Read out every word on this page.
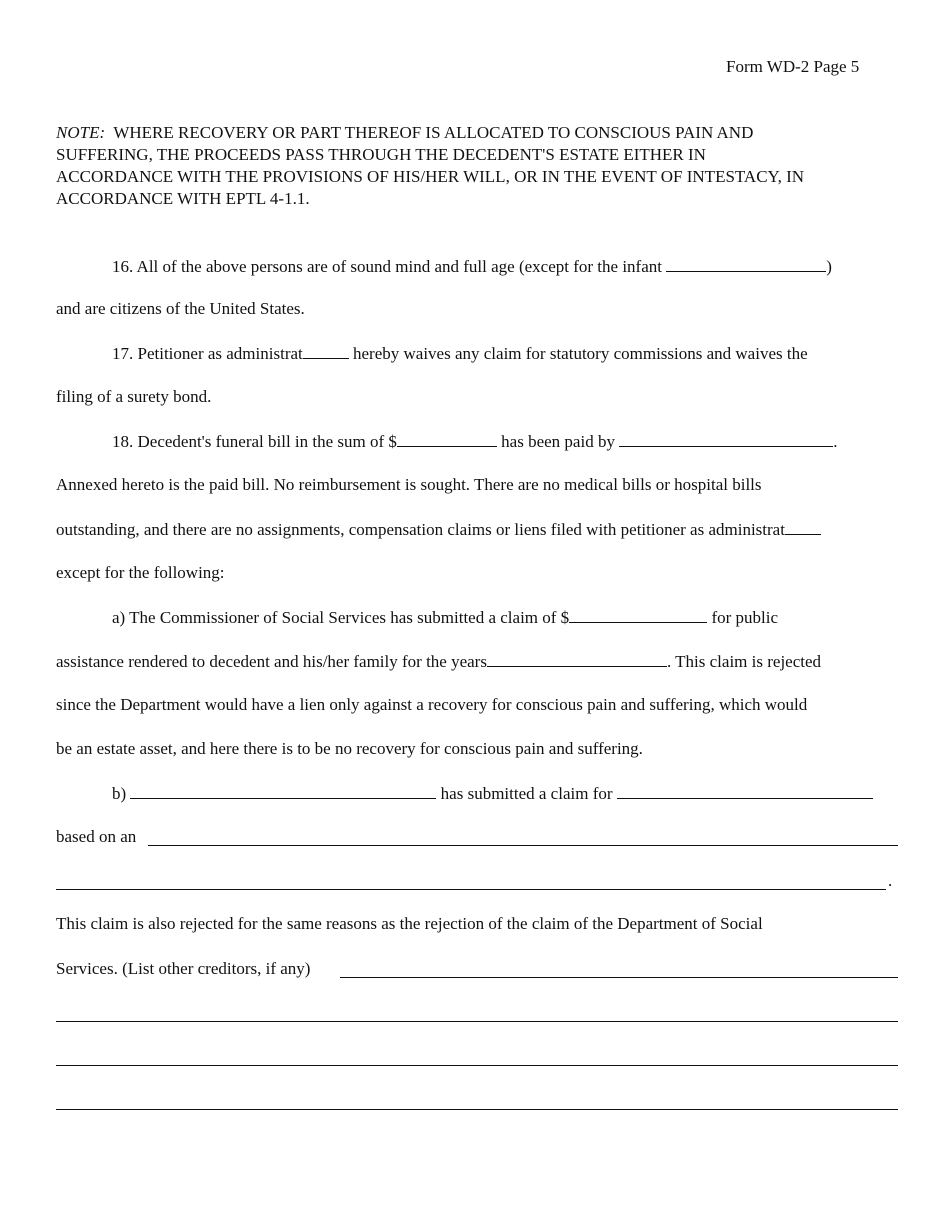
Form WD-2 Page 5

NOTE: WHERE RECOVERY OR PART THEREOF IS ALLOCATED TO CONSCIOUS PAIN AND

SUFFERING, THE PROCEEDS PASS THROUGH THE DECEDENT'S ESTATE EITHER IN

ACCORDANCE WITH THE PROVISIONS OF HIS/HER WILL, OR IN THE EVENT OF INTESTACY, IN

ACCORDANCE WITH EPTL 4-1.1.

16. All of the above persons are of sound mind and full age (except for the infant	)
and are citizens of the United States.
17. Petitioner as administrat	hereby waives any claim for statutory commissions and waives the
filing of a surety bond.
18. Decedent's funeral bill in the sum of $	has been paid by	.
Annexed hereto is the paid bill. No reimbursement is sought. There are no medical bills or hospital bills
outstanding, and there are no assignments, compensation claims or liens filed with petitioner as administrat
except for the following:
a) The Commissioner of Social Services has submitted a claim of $	for public
assistance rendered to decedent and his/her family for the years	. This claim is rejected
since the Department would have a lien only against a recovery for conscious pain and suffering, which would
be an estate asset, and here there is to be no recovery for conscious pain and suffering.
b)	has submitted a claim for
based on an
.
This claim is also rejected for the same reasons as the rejection of the claim of the Department of Social
Services. (List other creditors, if any)
